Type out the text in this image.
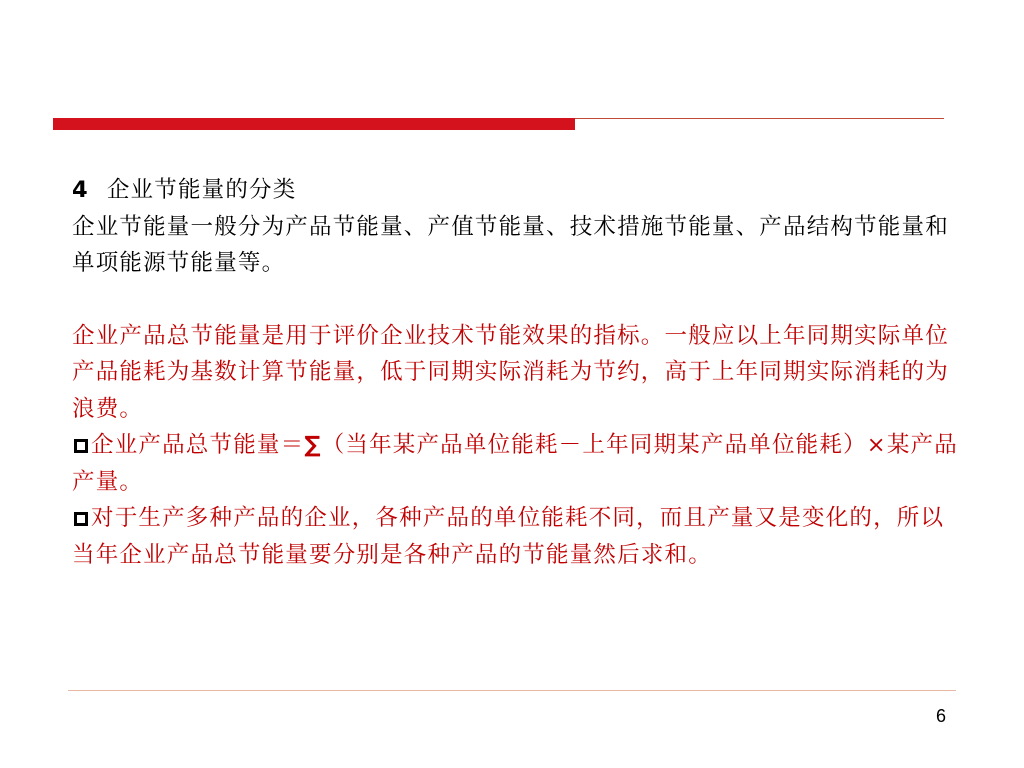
4 企业节能量的分类

企业节能量一般分为产品节能量、产值节能量、技术措施节能量、产品结构节能量和单项能源节能量等。

企业产品总节能量是用于评价企业技术节能效果的指标。一般应以上年同期实际单位产品能耗为基数计算节能量，低于同期实际消耗为节约，高于上年同期实际消耗的为浪费。

企业产品总节能量＝∑（当年某产品单位能耗－上年同期某产品单位能耗）×某产品产量。

对于生产多种产品的企业，各种产品的单位能耗不同，而且产量又是变化的，所以当年企业产品总节能量要分别是各种产品的节能量然后求和。

6
